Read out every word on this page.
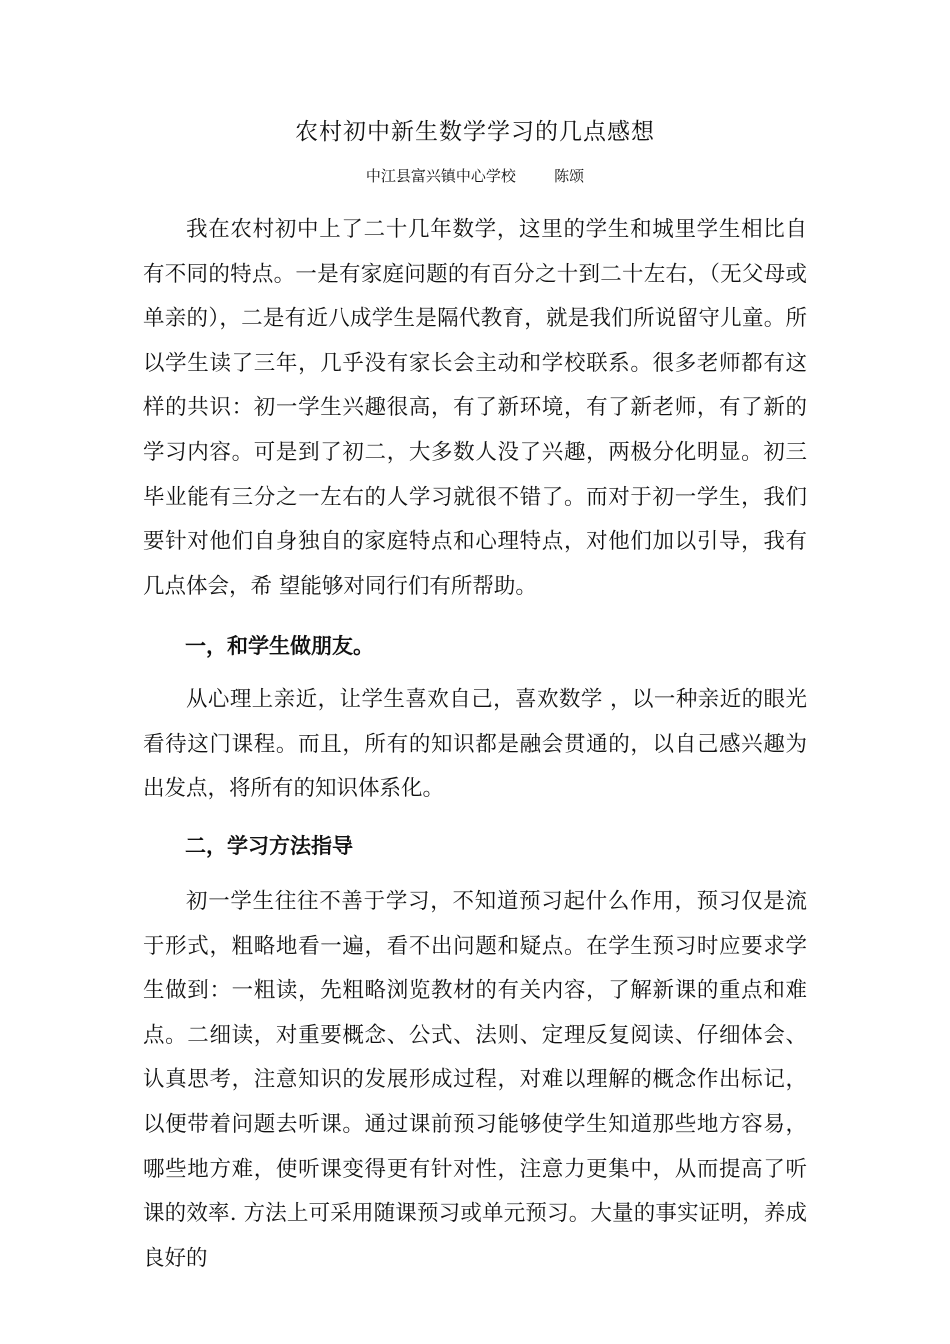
农村初中新生数学学习的几点感想
中江县富兴镇中心学校        陈颂

我在农村初中上了二十几年数学，这里的学生和城里学生相比自有不同的特点。一是有家庭问题的有百分之十到二十左右，（无父母或单亲的），二是有近八成学生是隔代教育，就是我们所说留守儿童。所以学生读了三年，几乎没有家长会主动和学校联系。很多老师都有这样的共识：初一学生兴趣很高，有了新环境，有了新老师，有了新的学习内容。可是到了初二，大多数人没了兴趣，两极分化明显。初三毕业能有三分之一左右的人学习就很不错了。而对于初一学生，我们要针对他们自身独自的家庭特点和心理特点，对他们加以引导，我有几点体会，希 望能够对同行们有所帮助。

一，和学生做朋友。

从心理上亲近，让学生喜欢自己，喜欢数学 ，以一种亲近的眼光看待这门课程。而且，所有的知识都是融会贯通的，以自己感兴趣为出发点，将所有的知识体系化。

二，学习方法指导

初一学生往往不善于学习，不知道预习起什么作用，预习仅是流于形式，粗略地看一遍，看不出问题和疑点。在学生预习时应要求学生做到：一粗读，先粗略浏览教材的有关内容，了解新课的重点和难点。二细读，对重要概念、公式、法则、定理反复阅读、仔细体会、认真思考，注意知识的发展形成过程，对难以理解的概念作出标记，以便带着问题去听课。通过课前预习能够使学生知道那些地方容易，哪些地方难，使听课变得更有针对性，注意力更集中，从而提高了听课的效率. 方法上可采用随课预习或单元预习。大量的事实证明，养成良好的
